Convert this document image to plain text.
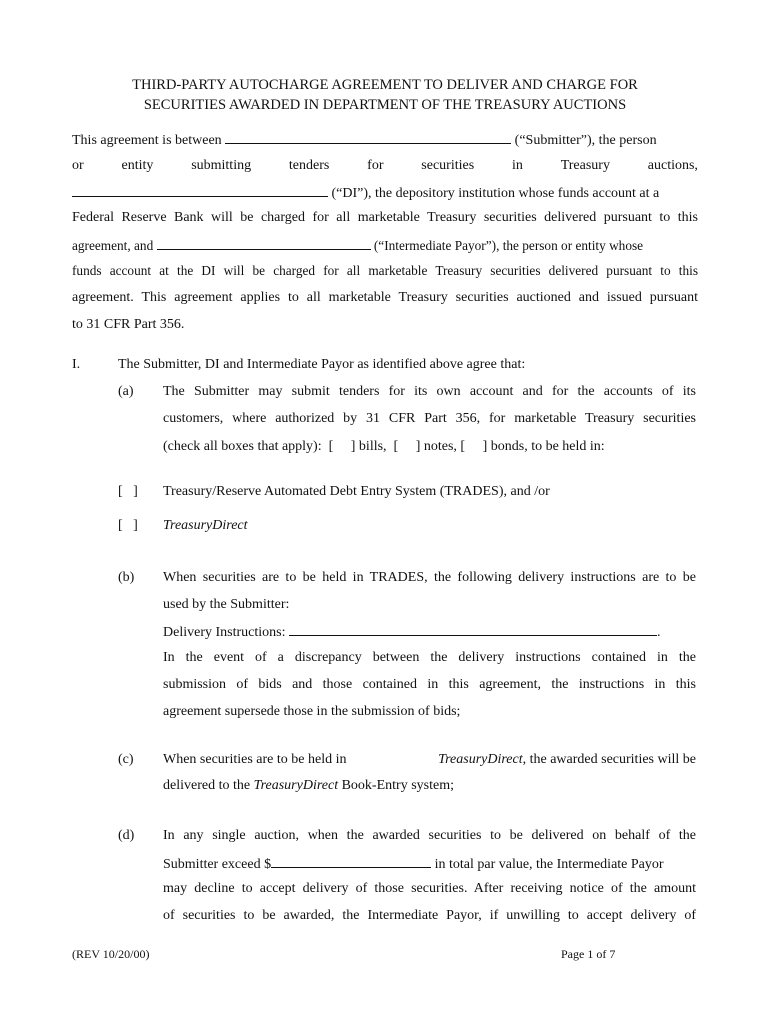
THIRD-PARTY AUTOCHARGE AGREEMENT TO DELIVER AND CHARGE FOR
SECURITIES AWARDED IN DEPARTMENT OF THE TREASURY AUCTIONS
This agreement is between	(“Submitter”), the person
or	entity	submitting	tenders	for	securities	in	Treasury	auctions,
(“DI”), the depository institution whose funds account at a
Federal Reserve Bank will be charged for all marketable Treasury securities delivered pursuant to this
agreement, and	(“Intermediate Payor”), the person or entity whose
funds account at the DI will be charged for all marketable Treasury securities delivered pursuant to this
agreement. This agreement applies to all marketable Treasury securities auctioned and issued pursuant
to 31 CFR Part 356.
I.	The Submitter, DI and Intermediate Payor as identified above agree that:
(a) The Submitter may submit tenders for its own account and for the accounts of its
customers, where authorized by 31 CFR Part 356, for marketable Treasury securities
(check all boxes that apply):  [     ] bills,  [     ] notes, [     ] bonds, to be held in:
[   ] Treasury/Reserve Automated Debt Entry System (TRADES), and /or
[   ] TreasuryDirect
(b) When securities are to be held in TRADES, the following delivery instructions are to be
used by the Submitter:
Delivery Instructions:	.
In the event of a discrepancy between the delivery instructions contained in the
submission of bids and those contained in this agreement, the instructions in this
agreement supersede those in the submission of bids;
(c) When securities are to be held in	TreasuryDirect, the awarded securities will be
delivered to the TreasuryDirect Book-Entry system;
(d) In any single auction, when the awarded securities to be delivered on behalf of the
Submitter exceed $	in total par value, the Intermediate Payor
may decline to accept delivery of those securities. After receiving notice of the amount
of securities to be awarded, the Intermediate Payor, if unwilling to accept delivery of
(REV 10/20/00)	Page 1 of 7
